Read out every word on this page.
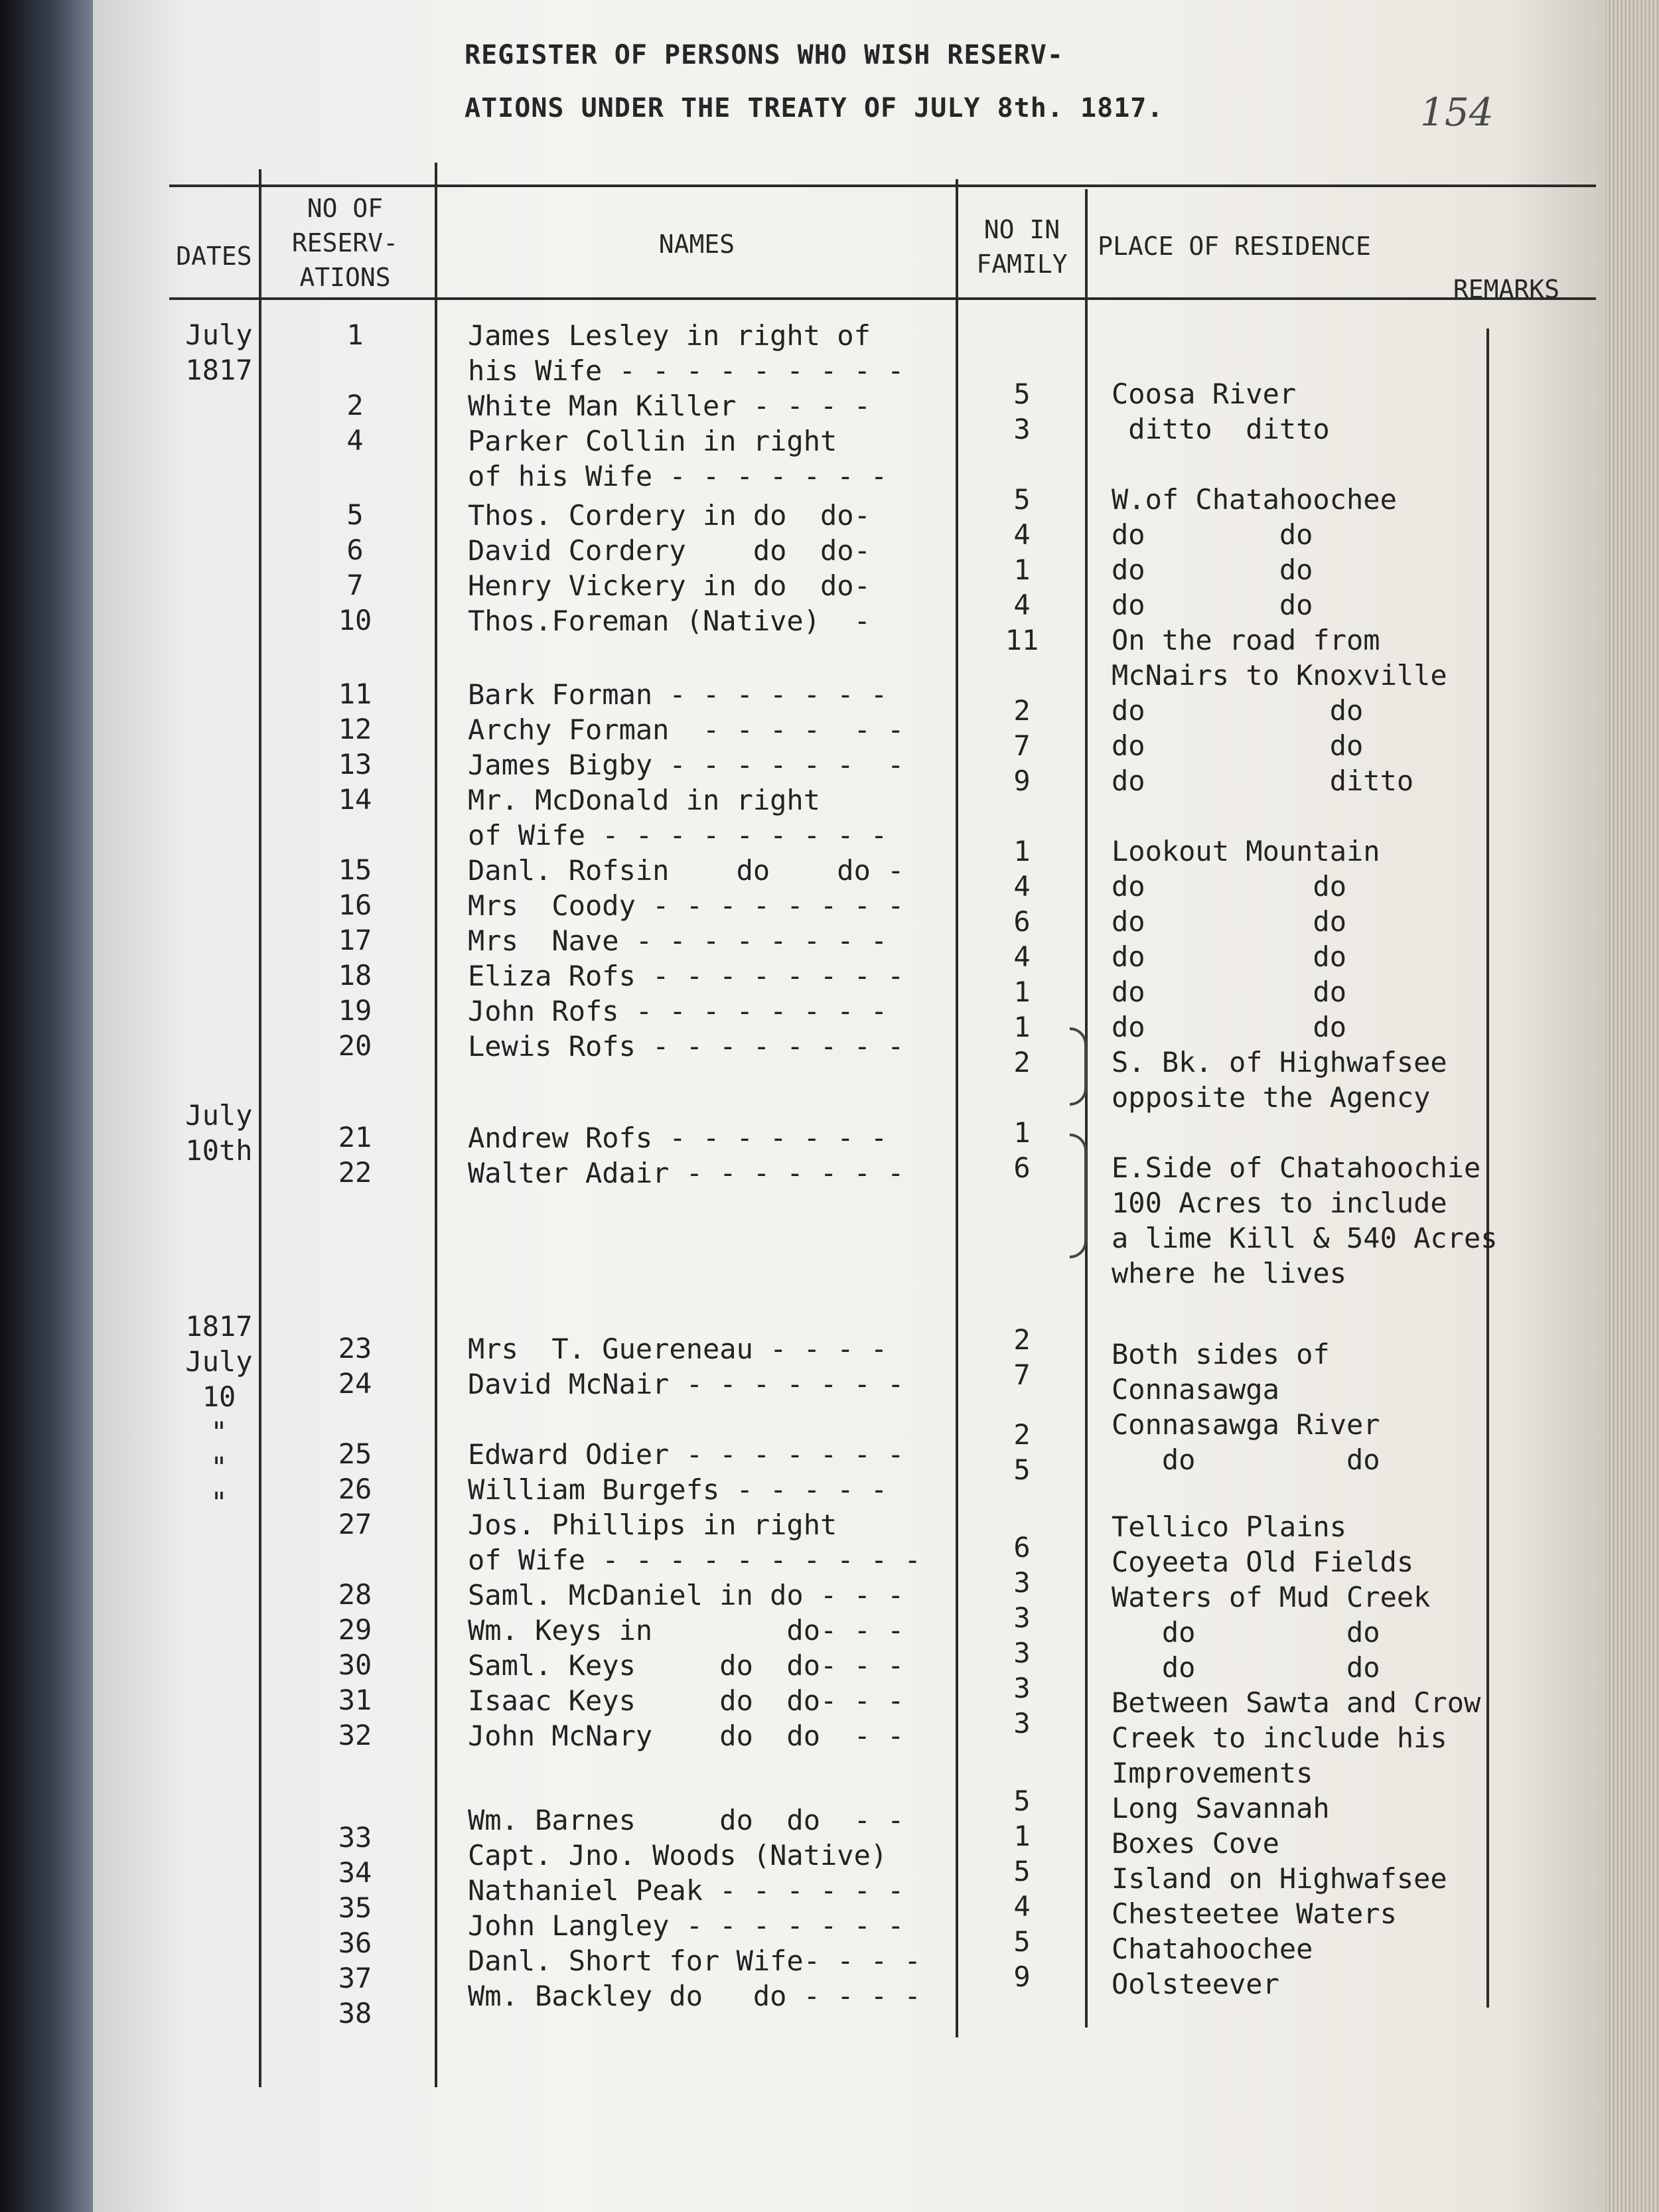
REGISTER OF PERSONS WHO WISH RESERV-
ATIONS UNDER THE TREATY OF JULY 8th. 1817.	154
DATES
NO OF RESERV-ATIONS
NAMES	NO IN FAMILY
PLACE OF RESIDENCE
REMARKS
July
1817
July
10th
1817
July
10
"
"
"
1
2
4
5
6
7
10
11
12
13
14
15
16
17
18
19
20
21
22
23
24
25
26
27
28
29
30
31
32
33
34
35
36
37
38
James Lesley in right of
his Wife - - - - - - - - -
White Man Killer - - - -
Parker Collin in right
of his Wife - - - - - - -
Thos. Cordery in do  do-
David Cordery    do  do-
Henry Vickery in do  do-
Thos.Foreman (Native)  -
Bark Forman - - - - - - -
Archy Forman  - - - -  - -
James Bigby - - - - - -  -
Mr. McDonald in right
of Wife - - - - - - - - -
Danl. Rofsin    do    do -
Mrs  Coody - - - - - - - -
Mrs  Nave - - - - - - - -
Eliza Rofs - - - - - - - -
John Rofs - - - - - - - -
Lewis Rofs - - - - - - - -
Andrew Rofs - - - - - - -
Walter Adair - - - - - - -
Mrs  T. Guereneau - - - -
David McNair - - - - - - -
Edward Odier - - - - - - -
William Burgefs - - - - -
Jos. Phillips in right
of Wife - - - - - - - - - -
Saml. McDaniel in do - - -
Wm. Keys in        do- - -
Saml. Keys     do  do- - -
Isaac Keys     do  do- - -
John McNary    do  do  - -
Wm. Barnes     do  do  - -
Capt. Jno. Woods (Native)
Nathaniel Peak - - - - - -
John Langley - - - - - - -
Danl. Short for Wife- - - -
Wm. Backley do   do - - - -
5
3
5
4
1
4
11
2
7
9
1
4
6
4
1
1
2
1
6
2
7
2
5
6
3
3
3
3
3
5
1
5
4
5
9
Coosa River
ditto  ditto
W.of Chatahoochee
do        do
do        do
do        do
On the road from
McNairs to Knoxville
do           do
do           do
do           ditto
Lookout Mountain
do          do
do          do
do          do
do          do
do          do
S. Bk. of Highwafsee
opposite the Agency
E.Side of Chatahoochie
100 Acres to include
a lime Kill & 540 Acres
where he lives
Both sides of
Connasawga
Connasawga River
do         do
Tellico Plains
Coyeeta Old Fields
Waters of Mud Creek
do         do
do         do
Between Sawta and Crow
Creek to include his
Improvements
Long Savannah
Boxes Cove
Island on Highwafsee
Chesteetee Waters
Chatahoochee
Oolsteever
